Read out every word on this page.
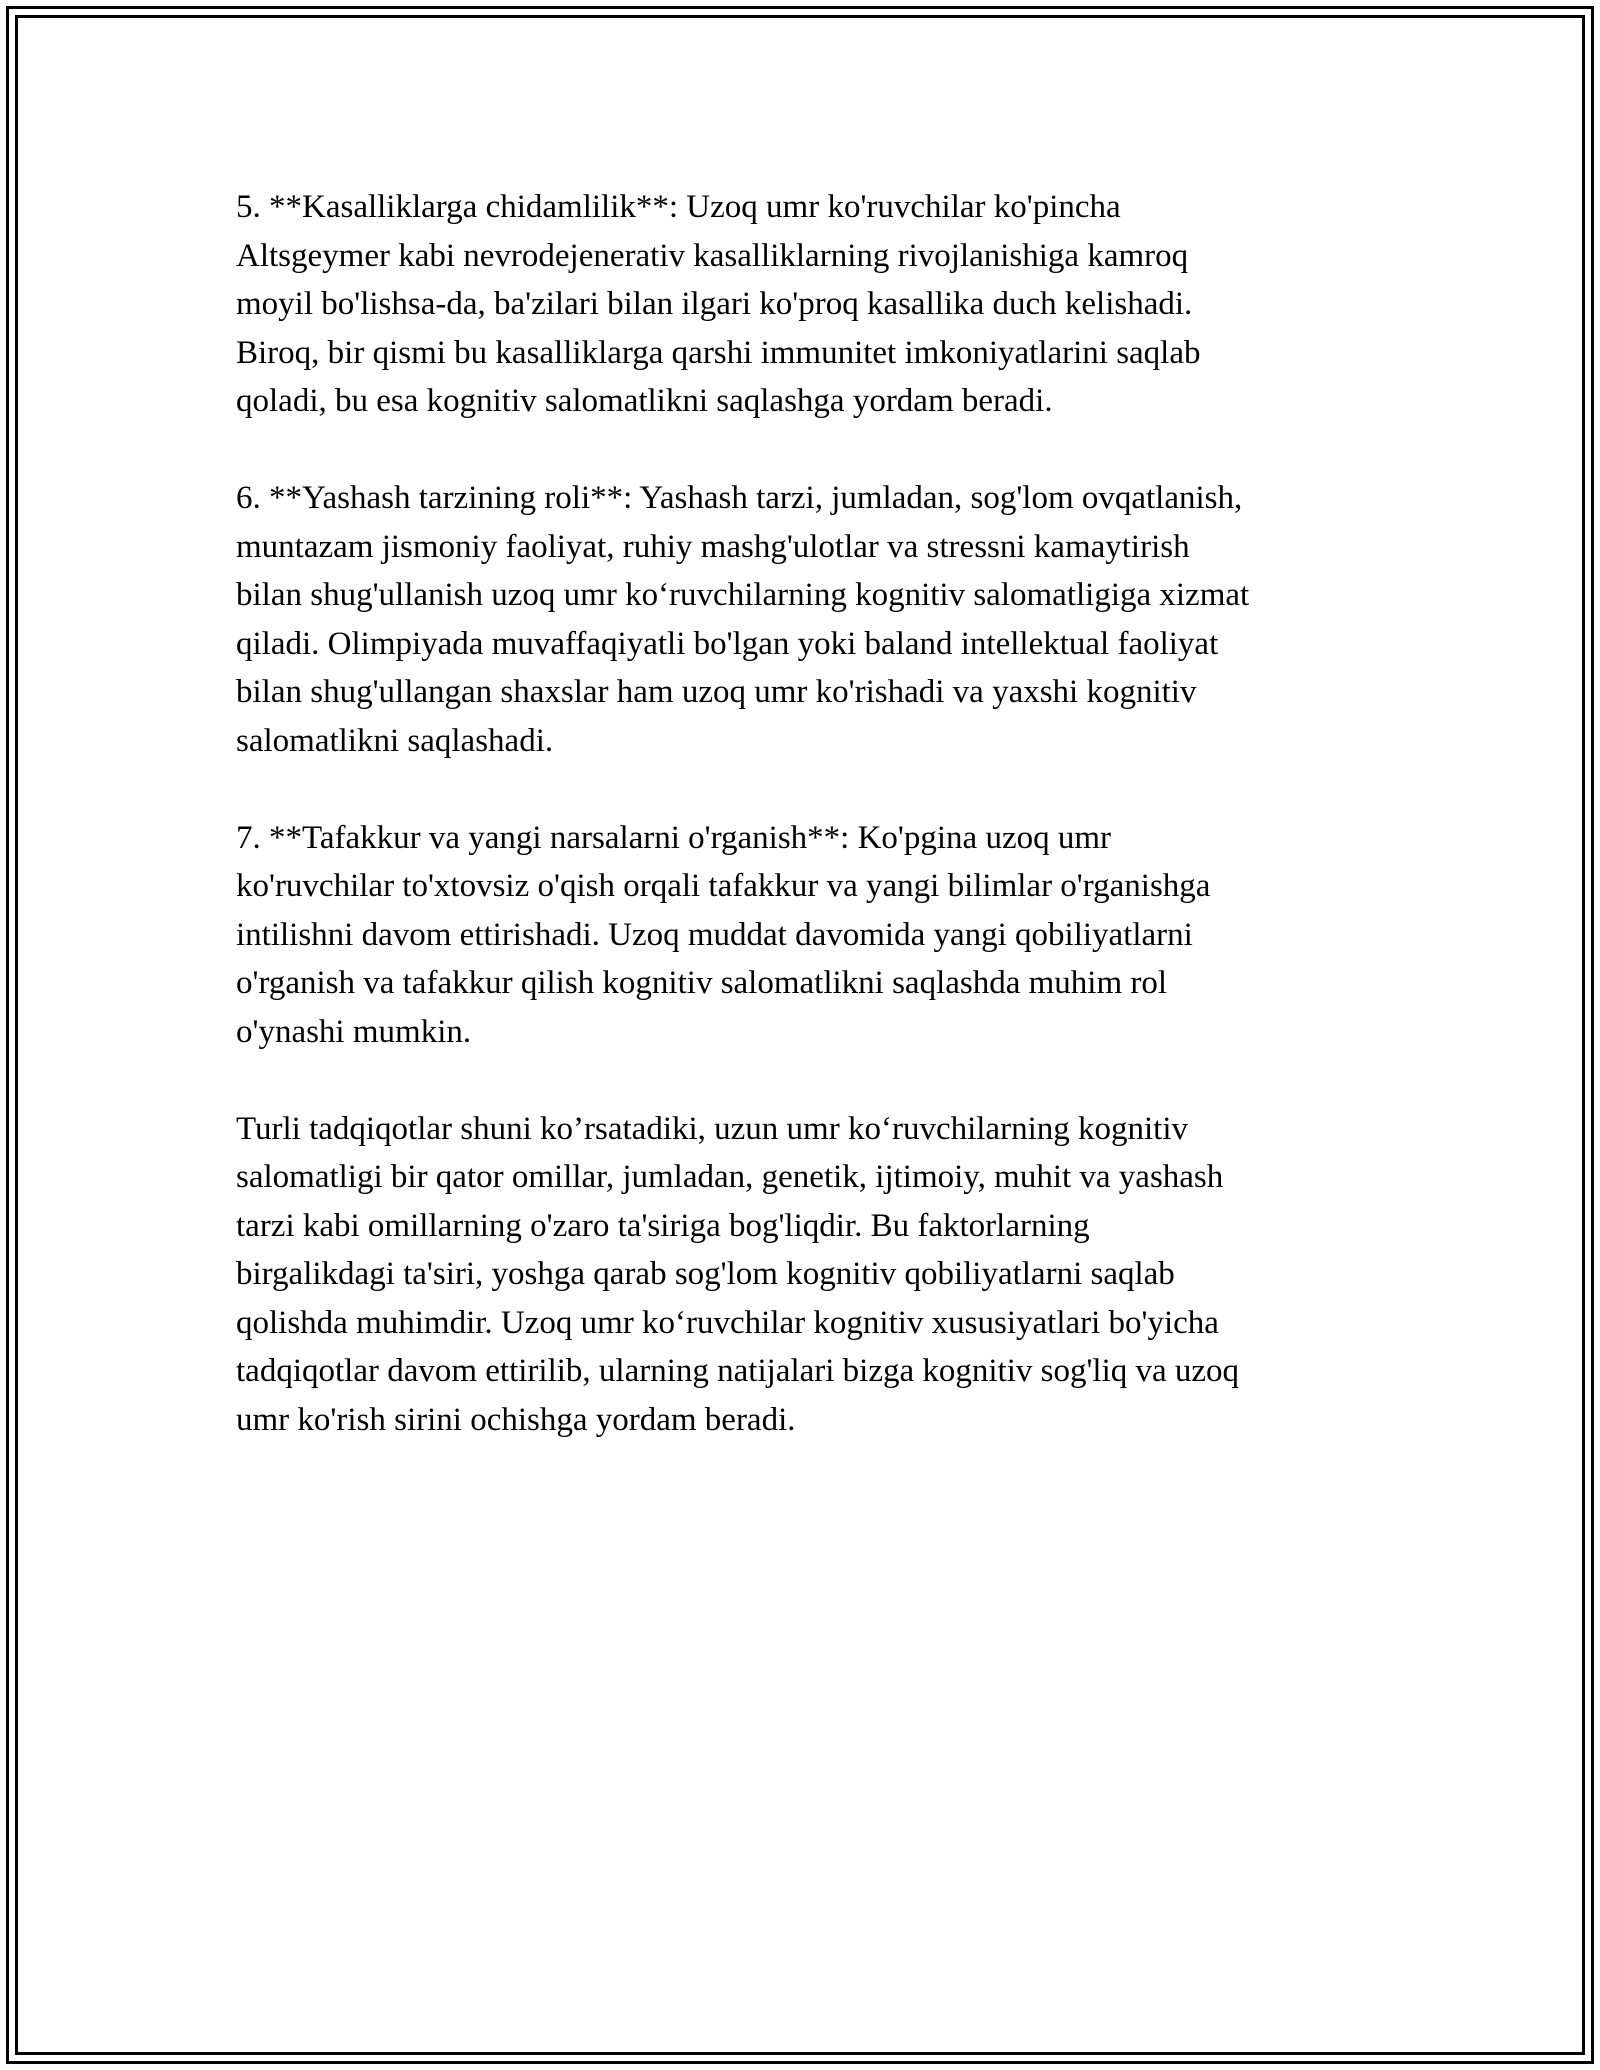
5. **Kasalliklarga chidamlilik**: Uzoq umr ko'ruvchilar ko'pincha
Altsgeymer kabi nevrodejenerativ kasalliklarning rivojlanishiga kamroq
moyil bo'lishsa-da, ba'zilari bilan ilgari ko'proq kasallika duch kelishadi.
Biroq, bir qismi bu kasalliklarga qarshi immunitet imkoniyatlarini saqlab
qoladi, bu esa kognitiv salomatlikni saqlashga yordam beradi.

6. **Yashash tarzining roli**: Yashash tarzi, jumladan, sog'lom ovqatlanish,
muntazam jismoniy faoliyat, ruhiy mashg'ulotlar va stressni kamaytirish
bilan shug'ullanish uzoq umr ko‘ruvchilarning kognitiv salomatligiga xizmat
qiladi. Olimpiyada muvaffaqiyatli bo'lgan yoki baland intellektual faoliyat
bilan shug'ullangan shaxslar ham uzoq umr ko'rishadi va yaxshi kognitiv
salomatlikni saqlashadi.

7. **Tafakkur va yangi narsalarni o'rganish**: Ko'pgina uzoq umr
ko'ruvchilar to'xtovsiz o'qish orqali tafakkur va yangi bilimlar o'rganishga
intilishni davom ettirishadi. Uzoq muddat davomida yangi qobiliyatlarni
o'rganish va tafakkur qilish kognitiv salomatlikni saqlashda muhim rol
o'ynashi mumkin.

Turli tadqiqotlar shuni ko’rsatadiki, uzun umr ko‘ruvchilarning kognitiv
salomatligi bir qator omillar, jumladan, genetik, ijtimoiy, muhit va yashash
tarzi kabi omillarning o'zaro ta'siriga bog'liqdir. Bu faktorlarning
birgalikdagi ta'siri, yoshga qarab sog'lom kognitiv qobiliyatlarni saqlab
qolishda muhimdir. Uzoq umr ko‘ruvchilar kognitiv xususiyatlari bo'yicha
tadqiqotlar davom ettirilib, ularning natijalari bizga kognitiv sog'liq va uzoq
umr ko'rish sirini ochishga yordam beradi.
